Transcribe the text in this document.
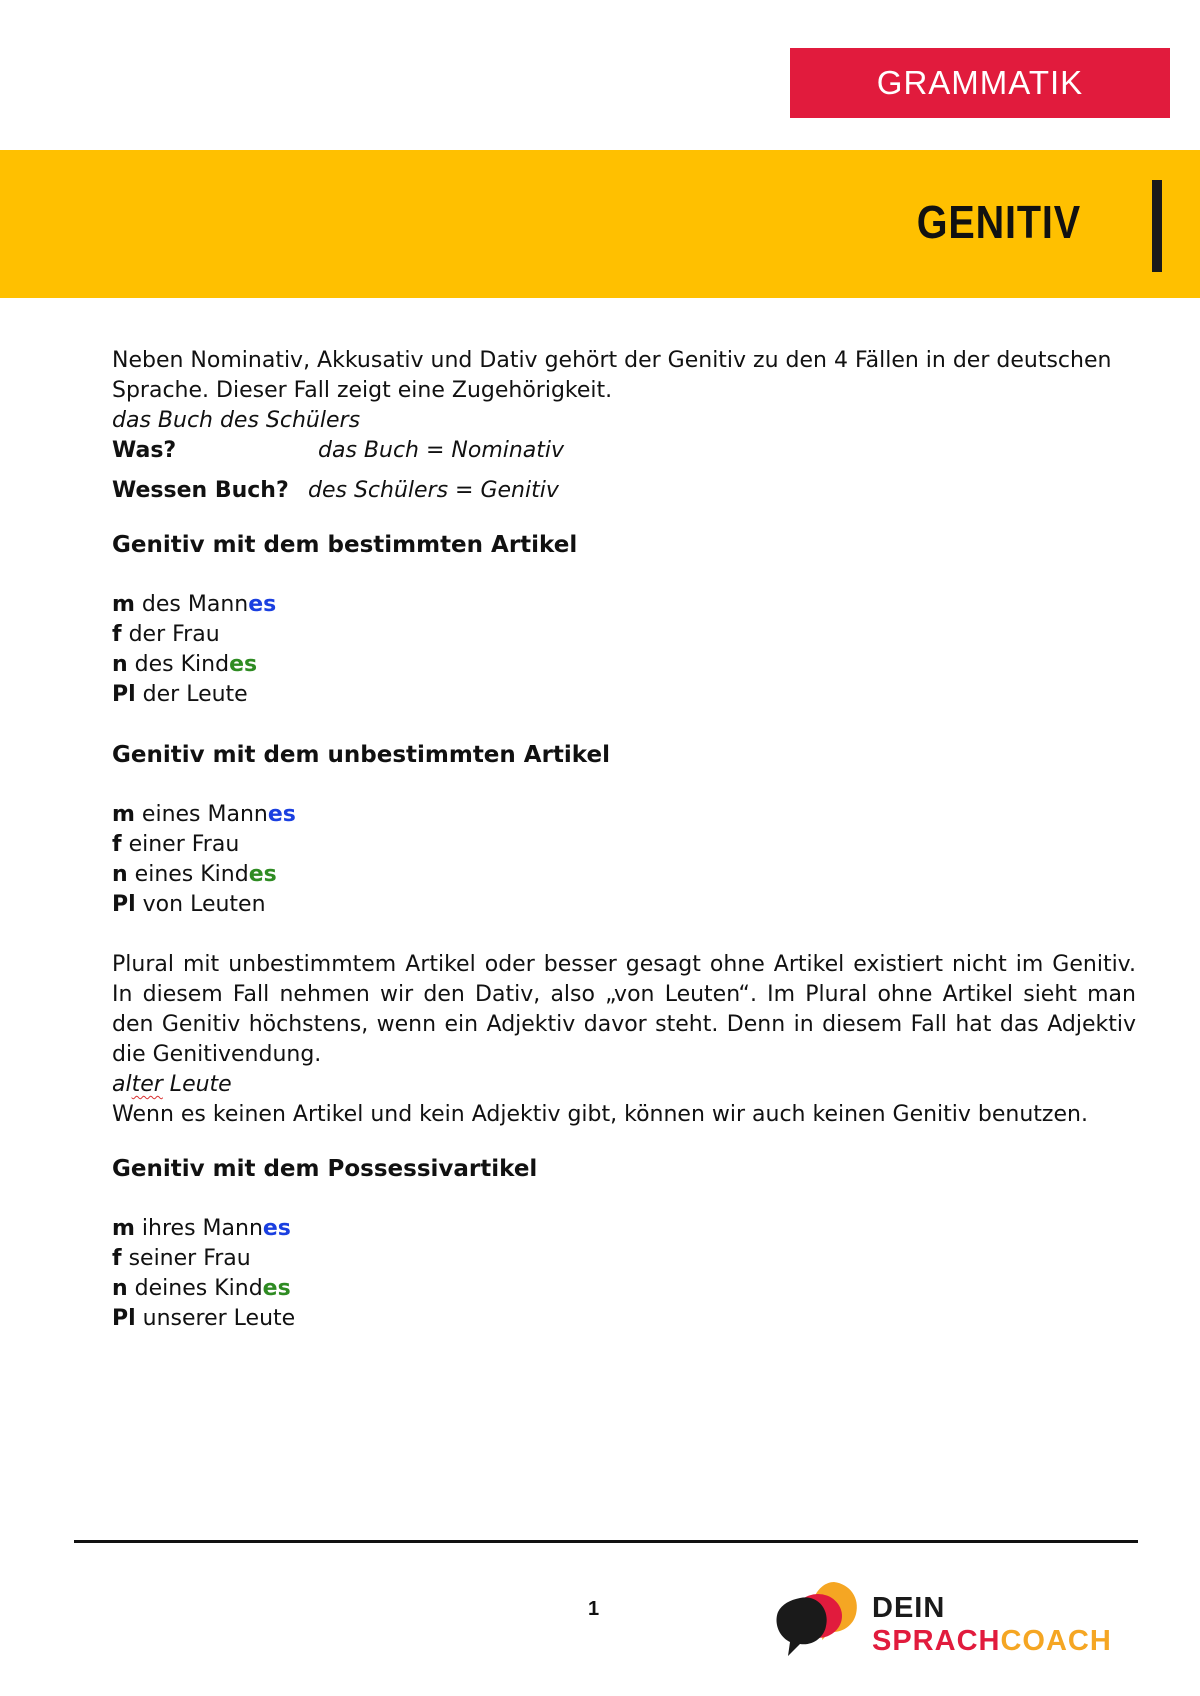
GRAMMATIK
GENITIV

Neben Nominativ, Akkusativ und Dativ gehört der Genitiv zu den 4 Fällen in der deutschen Sprache. Dieser Fall zeigt eine Zugehörigkeit.

das Buch des Schülers

Was?	das Buch = Nominativ
Wessen Buch? des Schülers = Genitiv
Genitiv mit dem bestimmten Artikel
m des Mannes
f der Frau
n des Kindes
Pl der Leute
Genitiv mit dem unbestimmten Artikel
m eines Mannes
f einer Frau
n eines Kindes
Pl von Leuten

Plural mit unbestimmtem Artikel oder besser gesagt ohne Artikel existiert nicht im Genitiv. In diesem Fall nehmen wir den Dativ, also „von Leuten“. Im Plural ohne Artikel sieht man den Genitiv höchstens, wenn ein Adjektiv davor steht. Denn in diesem Fall hat das Adjektiv die Genitivendung.

alter Leute

Wenn es keinen Artikel und kein Adjektiv gibt, können wir auch keinen Genitiv benutzen.

Genitiv mit dem Possessivartikel
m ihres Mannes
f seiner Frau
n deines Kindes
Pl unserer Leute
1	DEIN
SPRACHCOACH
